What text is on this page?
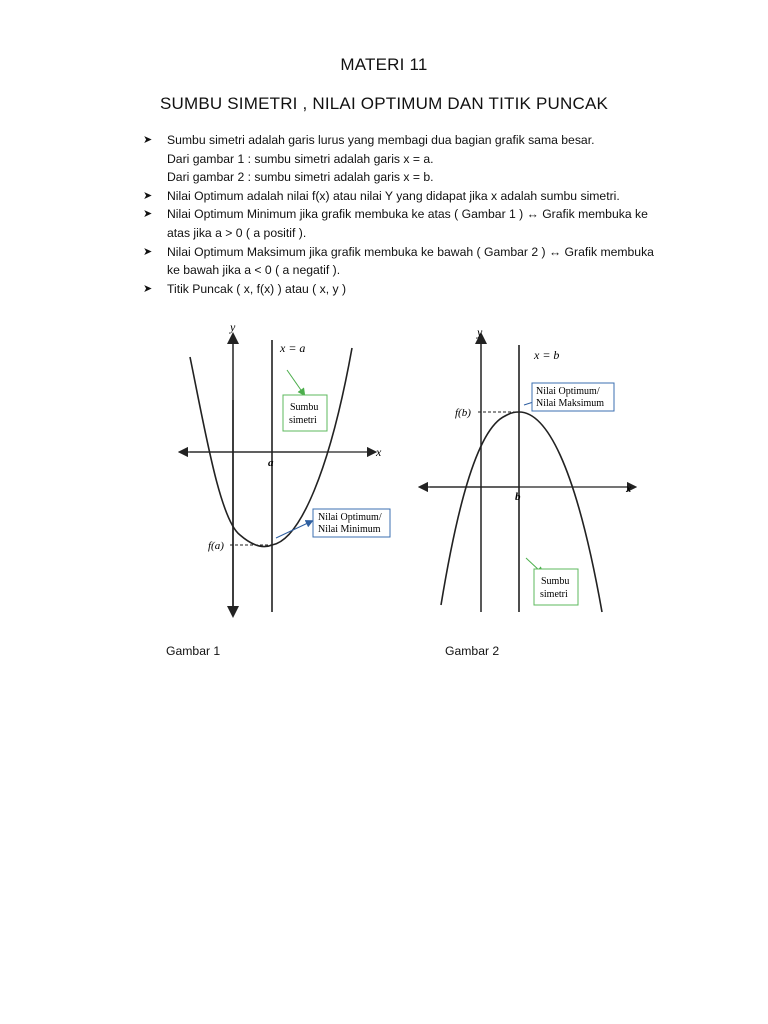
MATERI 11
SUMBU SIMETRI , NILAI OPTIMUM DAN TITIK PUNCAK
➤ Sumbu simetri adalah garis lurus yang membagi dua bagian grafik sama besar.
Dari gambar 1 : sumbu simetri adalah garis x = a.
Dari gambar 2 : sumbu simetri adalah garis x = b.
➤ Nilai Optimum adalah nilai f(x) atau nilai Y yang didapat jika x adalah sumbu simetri.
➤ Nilai Optimum Minimum jika grafik membuka ke atas ( Gambar 1 ) ↔ Grafik membuka ke
atas jika a > 0 ( a positif ).
➤ Nilai Optimum Maksimum jika grafik membuka ke bawah ( Gambar 2 ) ↔ Grafik membuka
ke bawah jika a < 0 ( a negatif ).
➤ Titik Puncak ( x, f(x) ) atau ( x, y )
y
x
x = a
a
f(a)
Sumbu
simetri
Nilai Optimum/
Nilai Minimum
y
x
x = b
b
f(b)
Nilai Optimum/
Nilai Maksimum
Sumbu
simetri
Gambar 1	Gambar 2
